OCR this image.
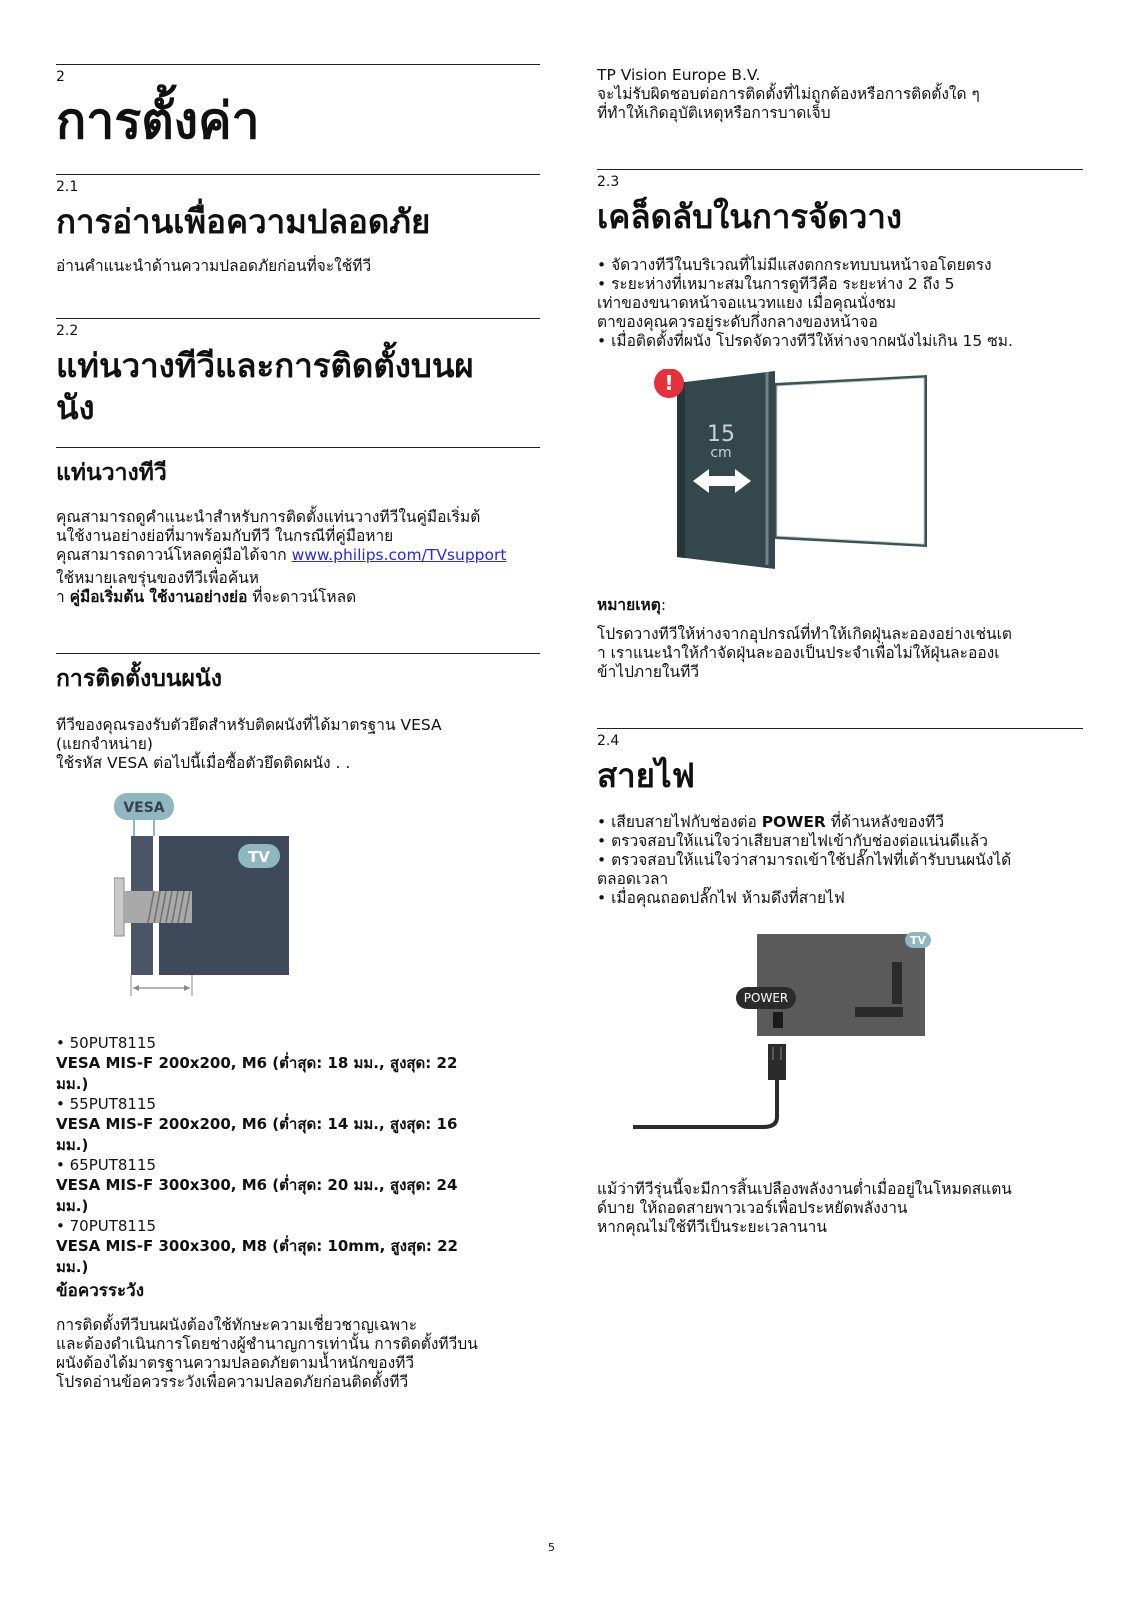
2
การตั้งค่า
2.1
การอ่านเพื่อความปลอดภัย

อ่านคำแนะนำด้านความปลอดภัยก่อนที่จะใช้ทีวี

2.2
แท่นวางทีวีและการติดตั้งบนผ
นัง
แท่นวางทีวี

คุณสามารถดูคำแนะนำสำหรับการติดตั้งแท่นวางทีวีในคู่มือเริ่มต้

นใช้งานอย่างย่อที่มาพร้อมกับทีวี ในกรณีที่คู่มือหาย

คุณสามารถดาวน์โหลดคู่มือได้จาก www.philips.com/TVsupport

ใช้หมายเลขรุ่นของทีวีเพื่อค้นห

า คู่มือเริ่มต้น ใช้งานอย่างย่อ ที่จะดาวน์โหลด

การติดตั้งบนผนัง

ทีวีของคุณรองรับตัวยึดสำหรับติดผนังที่ได้มาตรฐาน VESA

(แยกจำหน่าย)

ใช้รหัส VESA ต่อไปนี้เมื่อซื้อตัวยึดติดผนัง . .

VESA
TV
• 50PUT8115
VESA MIS-F 200x200, M6 (ต่ำสุด: 18 มม., สูงสุด: 22
มม.)
• 55PUT8115
VESA MIS-F 200x200, M6 (ต่ำสุด: 14 มม., สูงสุด: 16
มม.)
• 65PUT8115
VESA MIS-F 300x300, M6 (ต่ำสุด: 20 มม., สูงสุด: 24
มม.)
• 70PUT8115
VESA MIS-F 300x300, M8 (ต่ำสุด: 10mm, สูงสุด: 22
มม.)
ข้อควรระวัง

การติดตั้งทีวีบนผนังต้องใช้ทักษะความเชี่ยวชาญเฉพาะ

และต้องดำเนินการโดยช่างผู้ชำนาญการเท่านั้น การติดตั้งทีวีบน

ผนังต้องได้มาตรฐานความปลอดภัยตามน้ำหนักของทีวี

โปรดอ่านข้อควรระวังเพื่อความปลอดภัยก่อนติดตั้งทีวี

TP Vision Europe B.V.

จะไม่รับผิดชอบต่อการติดตั้งที่ไม่ถูกต้องหรือการติดตั้งใด ๆ

ที่ทำให้เกิดอุบัติเหตุหรือการบาดเจ็บ

2.3
เคล็ดลับในการจัดวาง
• จัดวางทีวีในบริเวณที่ไม่มีแสงตกกระทบบนหน้าจอโดยตรง
• ระยะห่างที่เหมาะสมในการดูทีวีคือ ระยะห่าง 2 ถึง 5
เท่าของขนาดหน้าจอแนวทแยง เมื่อคุณนั่งชม
ตาของคุณควรอยู่ระดับกึ่งกลางของหน้าจอ
• เมื่อติดตั้งที่ผนัง โปรดจัดวางทีวีให้ห่างจากผนังไม่เกิน 15 ซม.
!
15
cm
หมายเหตุ:

โปรดวางทีวีให้ห่างจากอุปกรณ์ที่ทำให้เกิดฝุ่นละอองอย่างเช่นเต

า เราแนะนำให้กำจัดฝุ่นละอองเป็นประจำเพื่อไม่ให้ฝุ่นละอองเ

ข้าไปภายในทีวี

2.4
สายไฟ
• เสียบสายไฟกับช่องต่อ POWER ที่ด้านหลังของทีวี
• ตรวจสอบให้แน่ใจว่าเสียบสายไฟเข้ากับช่องต่อแน่นดีแล้ว
• ตรวจสอบให้แน่ใจว่าสามารถเข้าใช้ปลั๊กไฟที่เต้ารับบนผนังได้
ตลอดเวลา
• เมื่อคุณถอดปลั๊กไฟ ห้ามดึงที่สายไฟ
TV
POWER

แม้ว่าทีวีรุ่นนี้จะมีการสิ้นเปลืองพลังงานต่ำเมื่ออยู่ในโหมดสแตน

ด์บาย ให้ถอดสายพาวเวอร์เพื่อประหยัดพลังงาน

หากคุณไม่ใช้ทีวีเป็นระยะเวลานาน

5
